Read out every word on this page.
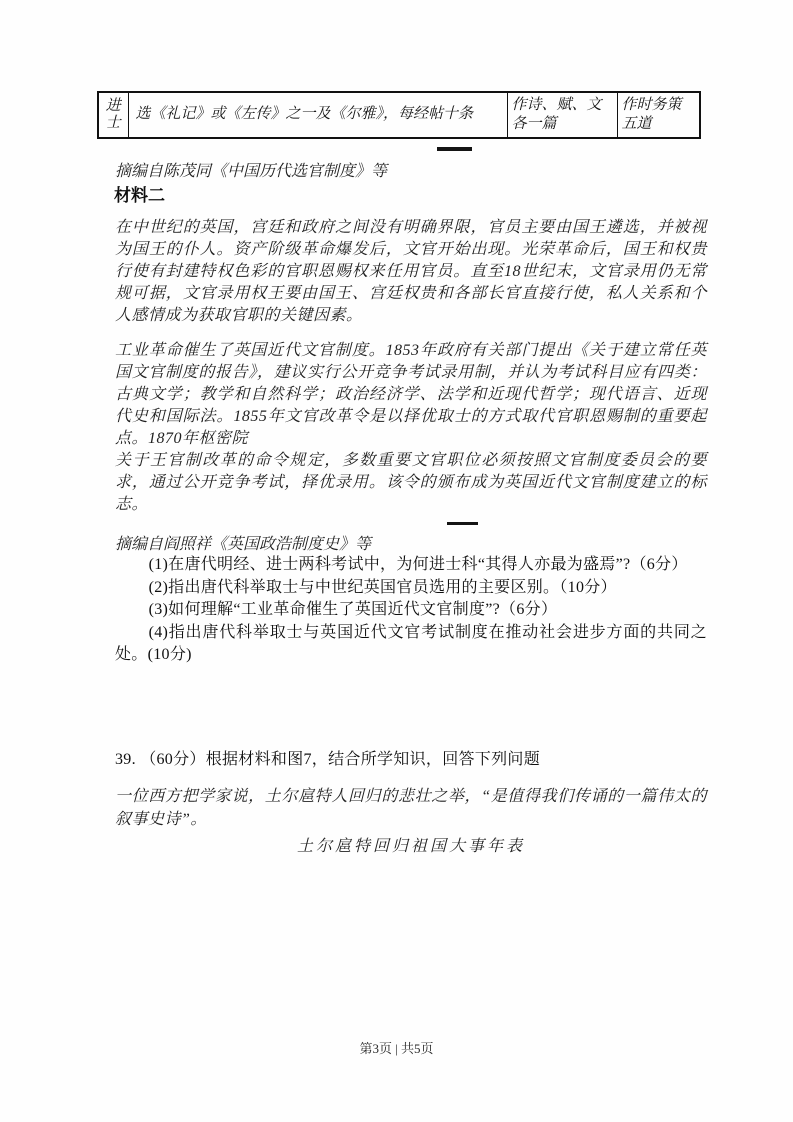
进士	选《礼记》或《左传》之一及《尔雅》，每经帖十条	作诗、赋、文各一篇	作时务策五道
摘编自陈茂同《中国历代选官制度》等
材料二
在中世纪的英国，宫廷和政府之间没有明确界限，官员主要由国王遴选，并被视为国王的仆人。资产阶级革命爆发后，文官开始出现。光荣革命后，国王和权贵行使有封建特权色彩的官职恩赐权来任用官员。直至18世纪末，文官录用仍无常规可据，文官录用权王要由国王、宫廷权贵和各部长官直接行使，私人关系和个人感情成为获取官职的关键因素。
工业革命催生了英国近代文官制度。1853年政府有关部门提出《关于建立常任英国文官制度的报告》，建议实行公开竞争考试录用制，并认为考试科目应有四类：古典文学；教学和自然科学；政治经济学、法学和近现代哲学；现代语言、近现代史和国际法。1855年文官改革令是以择优取士的方式取代官职恩赐制的重要起点。1870年枢密院
关于王官制改革的命令规定，多数重要文官职位必须按照文官制度委员会的要求，通过公开竞争考试，择优录用。该令的颁布成为英国近代文官制度建立的标志。
摘编自阎照祥《英国政浩制度史》等
(1)在唐代明经、进士两科考试中，为何进士科“其得人亦最为盛焉”?（6分）
(2)指出唐代科举取士与中世纪英国官员选用的主要区别。（10分）
(3)如何理解“工业革命催生了英国近代文官制度”?（6分）
(4)指出唐代科举取士与英国近代文官考试制度在推动社会进步方面的共同之处。(10分)
39. （60分）根据材料和图7，结合所学知识，回答下列问题
一位西方把学家说，土尔扈特人回归的悲壮之举，“是值得我们传诵的一篇伟太的叙事史诗”。
土尔扈特回归祖国大事年表
第3页 | 共5页
